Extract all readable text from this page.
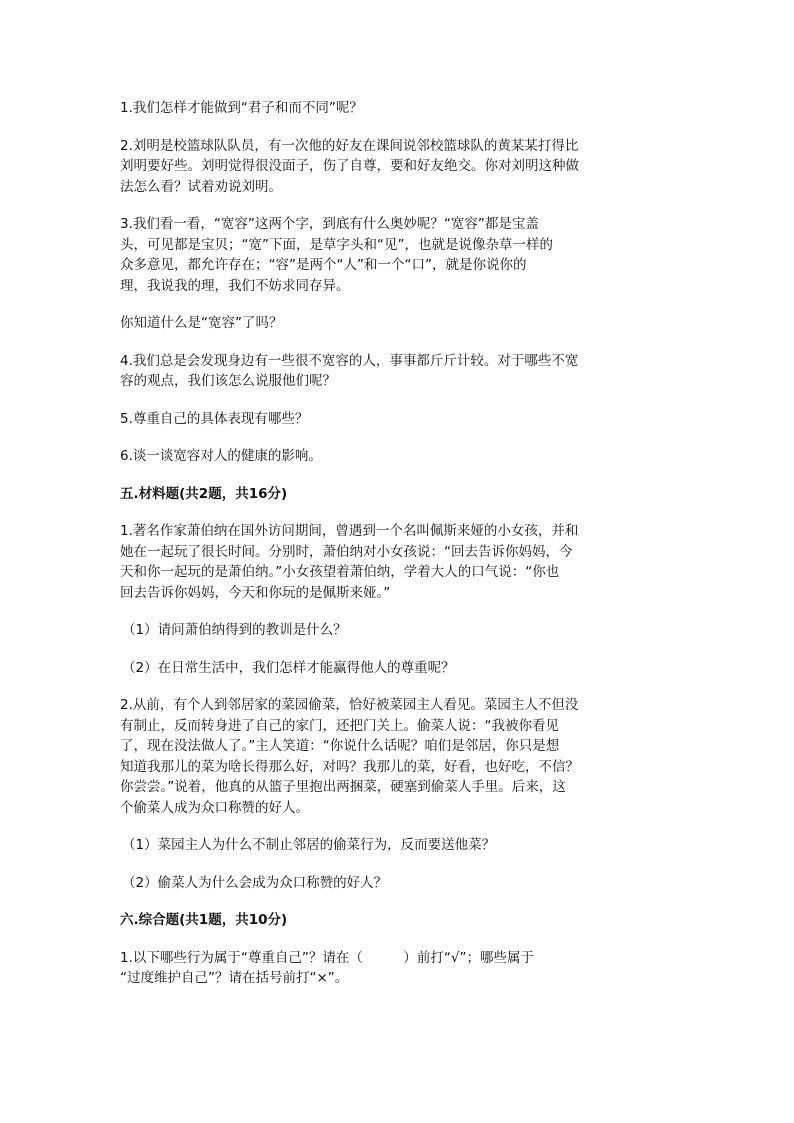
1.我们怎样才能做到“君子和而不同”呢？
2.刘明是校篮球队队员，有一次他的好友在课间说邻校篮球队的黄某某打得比
刘明要好些。刘明觉得很没面子，伤了自尊，要和好友绝交。你对刘明这种做
法怎么看？试着劝说刘明。
3.我们看一看，“宽容”这两个字，到底有什么奥妙呢？“宽容”都是宝盖
头，可见都是宝贝；“宽”下面，是草字头和“见”，也就是说像杂草一样的
众多意见，都允许存在；“容”是两个“人”和一个“口”，就是你说你的
理，我说我的理，我们不妨求同存异。
你知道什么是“宽容”了吗？
4.我们总是会发现身边有一些很不宽容的人，事事都斤斤计较。对于哪些不宽
容的观点，我们该怎么说服他们呢？
5.尊重自己的具体表现有哪些？
6.谈一谈宽容对人的健康的影响。
五.材料题(共2题，共16分)
1.著名作家萧伯纳在国外访问期间，曾遇到一个名叫佩斯来娅的小女孩，并和
她在一起玩了很长时间。分别时，萧伯纳对小女孩说：“回去告诉你妈妈，今
天和你一起玩的是萧伯纳。”小女孩望着萧伯纳，学着大人的口气说：“你也
回去告诉你妈妈，今天和你玩的是佩斯来娅。”
（1）请问萧伯纳得到的教训是什么？
（2）在日常生活中，我们怎样才能赢得他人的尊重呢？
2.从前，有个人到邻居家的菜园偷菜，恰好被菜园主人看见。菜园主人不但没
有制止，反而转身进了自己的家门，还把门关上。偷菜人说：“我被你看见
了，现在没法做人了。”主人笑道：“你说什么话呢？咱们是邻居，你只是想
知道我那儿的菜为啥长得那么好，对吗？我那儿的菜，好看，也好吃，不信？
你尝尝。”说着，他真的从篮子里抱出两捆菜，硬塞到偷菜人手里。后来，这
个偷菜人成为众口称赞的好人。
（1）菜园主人为什么不制止邻居的偷菜行为，反而要送他菜？
（2）偷菜人为什么会成为众口称赞的好人？
六.综合题(共1题，共10分)
1.以下哪些行为属于“尊重自己”？请在（　　　）前打“√”；哪些属于
“过度维护自己”？请在括号前打“×”。
